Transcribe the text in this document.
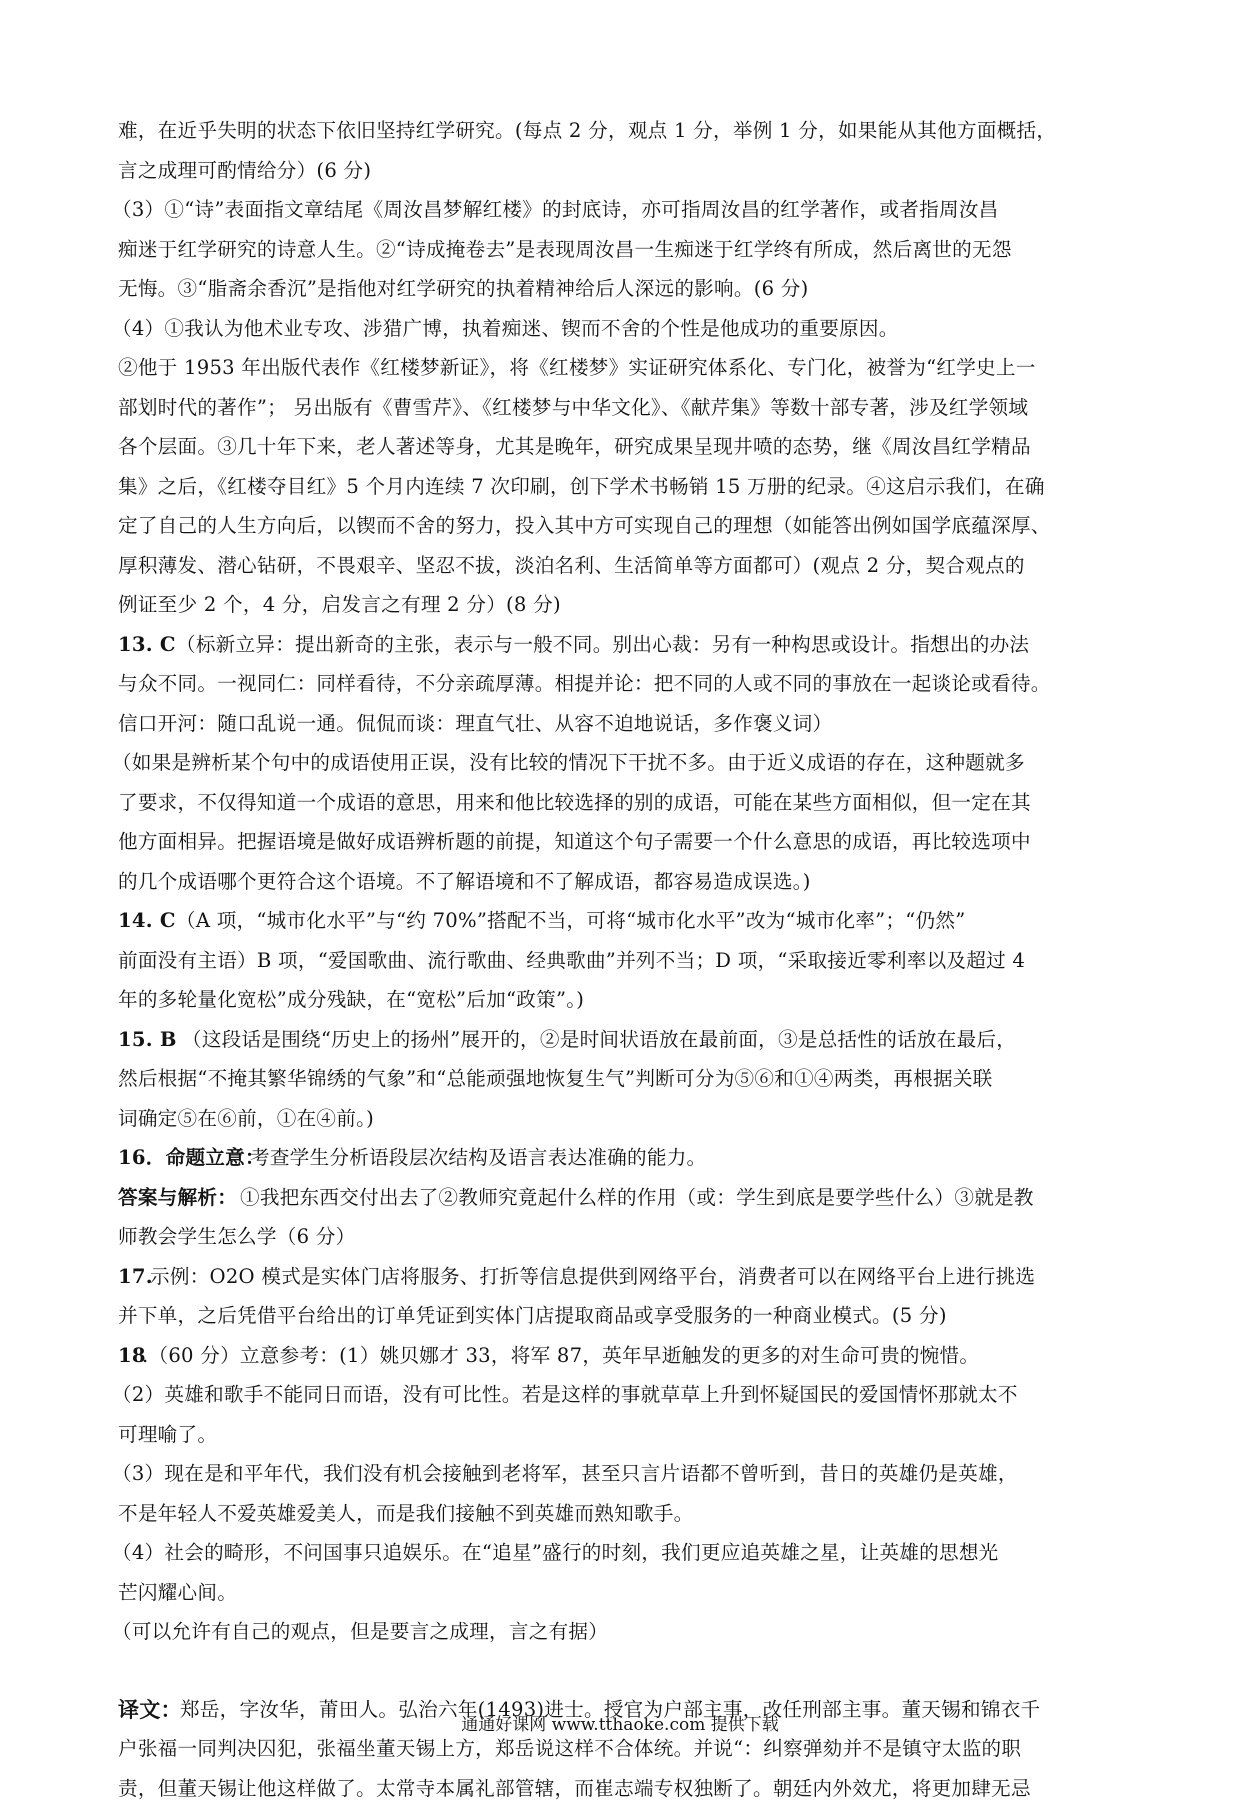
难，在近乎失明的状态下依旧坚持红学研究。(每点 2 分，观点 1 分，举例 1 分，如果能从其他方面概括，
言之成理可酌情给分）(6 分)
（3）①“诗”表面指文章结尾《周汝昌梦解红楼》的封底诗，亦可指周汝昌的红学著作，或者指周汝昌
痴迷于红学研究的诗意人生。②“诗成掩卷去”是表现周汝昌一生痴迷于红学终有所成，然后离世的无怨
无悔。③“脂斋余香沉”是指他对红学研究的执着精神给后人深远的影响。(6 分)
（4）①我认为他术业专攻、涉猎广博，执着痴迷、锲而不舍的个性是他成功的重要原因。
②他于 1953 年出版代表作《红楼梦新证》，将《红楼梦》实证研究体系化、专门化，被誉为“红学史上一
部划时代的著作”； 另出版有《曹雪芹》、《红楼梦与中华文化》、《献芹集》等数十部专著，涉及红学领域
各个层面。③几十年下来，老人著述等身，尤其是晚年，研究成果呈现井喷的态势，继《周汝昌红学精品
集》之后，《红楼夺目红》5 个月内连续 7 次印刷，创下学术书畅销 15 万册的纪录。④这启示我们，在确
定了自己的人生方向后，以锲而不舍的努力，投入其中方可实现自己的理想（如能答出例如国学底蕴深厚、
厚积薄发、潜心钻研，不畏艰辛、坚忍不拔，淡泊名利、生活简单等方面都可）(观点 2 分，契合观点的
例证至少 2 个，4 分，启发言之有理 2 分）(8 分)
13. C （标新立异：提出新奇的主张，表示与一般不同。别出心裁：另有一种构思或设计。指想出的办法
与众不同。一视同仁：同样看待，不分亲疏厚薄。相提并论：把不同的人或不同的事放在一起谈论或看待。
信口开河：随口乱说一通。侃侃而谈：理直气壮、从容不迫地说话，多作褒义词）
（如果是辨析某个句中的成语使用正误，没有比较的情况下干扰不多。由于近义成语的存在，这种题就多
了要求，不仅得知道一个成语的意思，用来和他比较选择的别的成语，可能在某些方面相似，但一定在其
他方面相异。把握语境是做好成语辨析题的前提，知道这个句子需要一个什么意思的成语，再比较选项中
的几个成语哪个更符合这个语境。不了解语境和不了解成语，都容易造成误选。)
14. C （A 项，“城市化水平”与“约 70%”搭配不当，可将“城市化水平”改为“城市化率”；“仍然”
前面没有主语）B 项，“爱国歌曲、流行歌曲、经典歌曲”并列不当；D 项，“采取接近零利率以及超过 4
年的多轮量化宽松”成分残缺，在“宽松”后加“政策”。)
15. B （这段话是围绕“历史上的扬州”展开的，②是时间状语放在最前面，③是总括性的话放在最后，
然后根据“不掩其繁华锦绣的气象”和“总能顽强地恢复生气”判断可分为⑤⑥和①④两类，再根据关联
词确定⑤在⑥前，①在④前。)
16．命题立意：
考查学生分析语段层次结构及语言表达准确的能力。
答案与解析： ①我把东西交付出去了②教师究竟起什么样的作用（或：学生到底是要学些什么）③就是教
师教会学生怎么学（6 分）
17.
示例：O2O 模式是实体门店将服务、打折等信息提供到网络平台，消费者可以在网络平台上进行挑选
并下单，之后凭借平台给出的订单凭证到实体门店提取商品或享受服务的一种商业模式。(5 分)
18
.（60 分）立意参考：(1）姚贝娜才 33，将军 87，英年早逝触发的更多的对生命可贵的惋惜。
（2）英雄和歌手不能同日而语，没有可比性。若是这样的事就草草上升到怀疑国民的爱国情怀那就太不
可理喻了。
（3）现在是和平年代，我们没有机会接触到老将军，甚至只言片语都不曾听到，昔日的英雄仍是英雄，
不是年轻人不爱英雄爱美人，而是我们接触不到英雄而熟知歌手。
（4）社会的畸形，不问国事只追娱乐。在“追星”盛行的时刻，我们更应追英雄之星，让英雄的思想光
芒闪耀心间。
（可以允许有自己的观点，但是要言之成理，言之有据）
译文：
郑岳，字汝华，莆田人。弘治六年(1493)进士。授官为户部主事，改任刑部主事。董天锡和锦衣千
户张福一同判决囚犯，张福坐董天锡上方，郑岳说这样不合体统。并说“：纠察弹劾并不是镇守太监的职
责，但董天锡让他这样做了。太常寺本属礼部管辖，而崔志端专权独断了。朝廷内外效尤，将更加肆无忌
通通好课网 www.tthaoke.com 提供下载
